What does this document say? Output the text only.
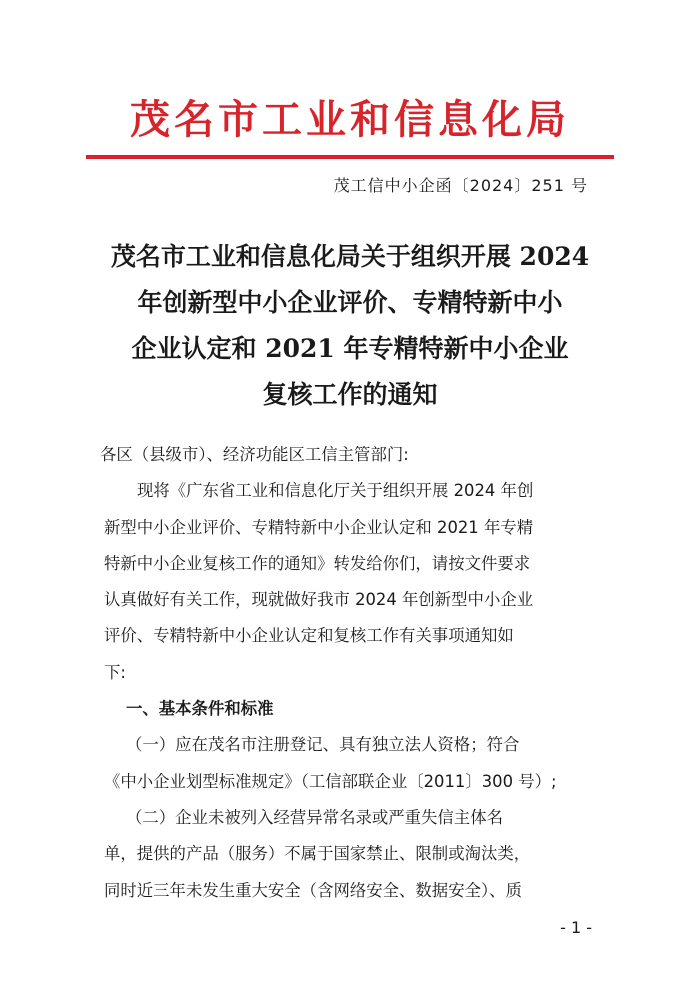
茂名市工业和信息化局
茂工信中小企函〔2024〕251 号
茂名市工业和信息化局关于组织开展 2024
年创新型中小企业评价、专精特新中小
企业认定和 2021 年专精特新中小企业
复核工作的通知
各区（县级市）、经济功能区工信主管部门:
现将《广东省工业和信息化厅关于组织开展 2024 年创
新型中小企业评价、专精特新中小企业认定和 2021 年专精
特新中小企业复核工作的通知》转发给你们，请按文件要求
认真做好有关工作，现就做好我市 2024 年创新型中小企业
评价、专精特新中小企业认定和复核工作有关事项通知如
下:
一、基本条件和标准
（一）应在茂名市注册登记、具有独立法人资格；符合
《中小企业划型标准规定》（工信部联企业〔2011〕300 号）;
（二）企业未被列入经营异常名录或严重失信主体名
单，提供的产品（服务）不属于国家禁止、限制或淘汰类，
同时近三年未发生重大安全（含网络安全、数据安全）、质
- 1 -
